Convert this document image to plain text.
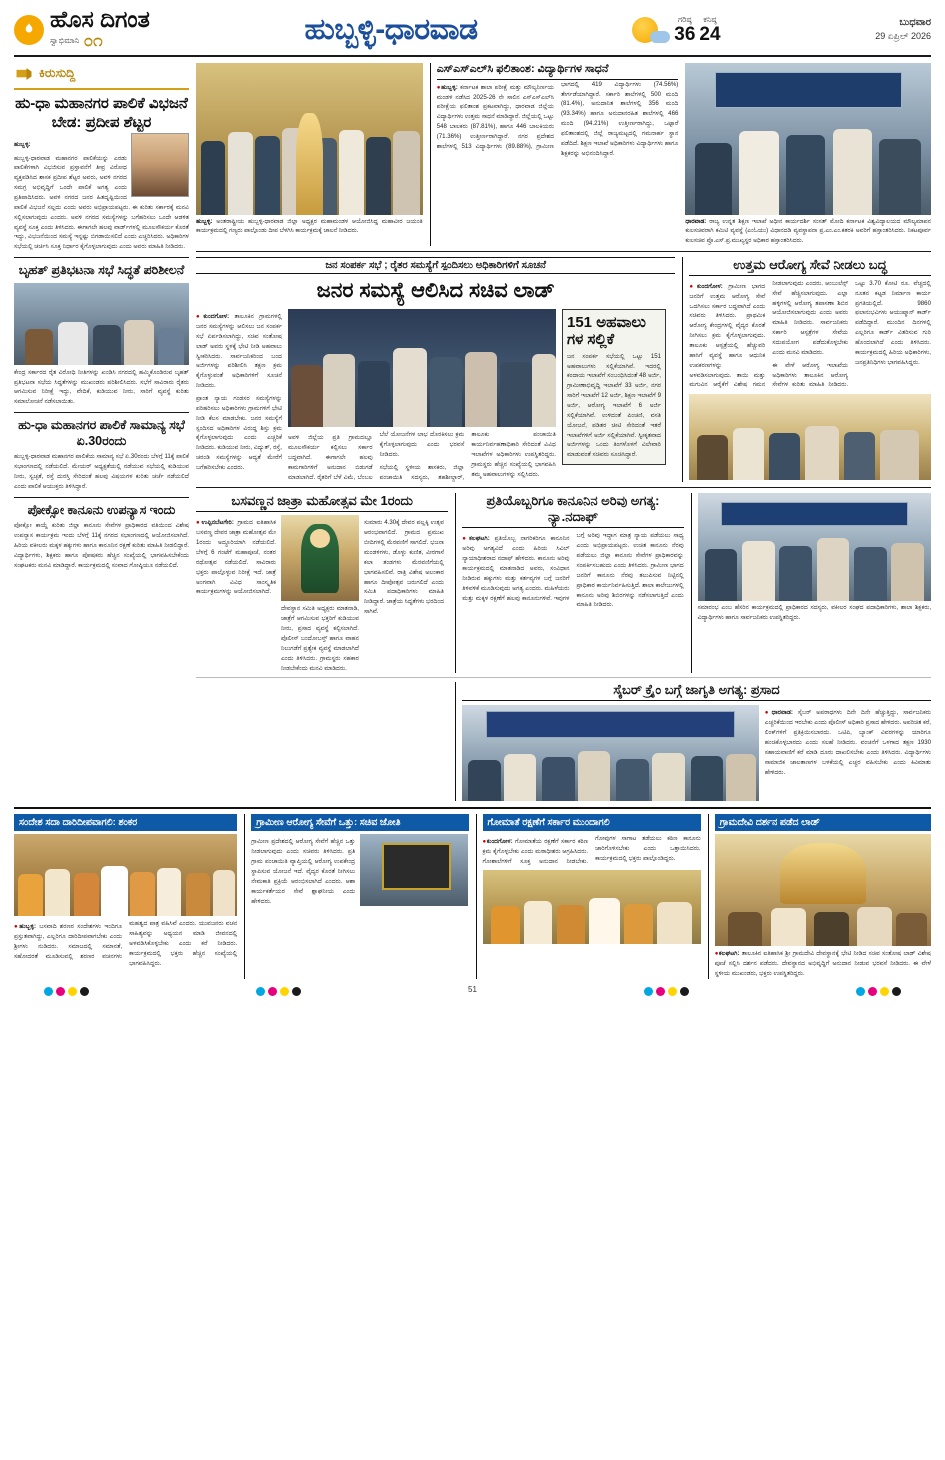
ಹೊಸ ದಿಗಂತ
ಸ್ವಾಭಿಮಾನಿ ೦೧	ಹುಬ್ಬಳ್ಳಿ-ಧಾರವಾಡ	ಗರಿಷ್ಠ
36
ಕನಿಷ್ಠ
24
ಬುಧವಾರ
29 ಏಪ್ರಿಲ್ 2026
ಕಿರುಸುದ್ದಿ
ಹು-ಧಾ ಮಹಾನಗರ ಪಾಲಿಕೆ ವಿಭಜನೆ ಬೇಡ: ಪ್ರದೀಪ ಶೆಟ್ಟರ

ಹುಬ್ಬಳ್ಳಿ:

ಹುಬ್ಬಳ್ಳಿ-ಧಾರವಾಡ ಮಹಾನಗರ ಪಾಲಿಕೆಯನ್ನು ಎರಡು ಪಾಲಿಕೆಗಳಾಗಿ ವಿಭಜಿಸುವ ಪ್ರಸ್ತಾವನೆಗೆ ತೀವ್ರ ವಿರೋಧ ವ್ಯಕ್ತಪಡಿಸಿದ ಶಾಸಕ ಪ್ರದೀಪ ಶೆಟ್ಟರ ಅವರು, ಅವಳಿ ನಗರದ ಸಮಗ್ರ ಅಭಿವೃದ್ಧಿಗೆ ಒಂದೇ ಪಾಲಿಕೆ ಅಗತ್ಯ ಎಂದು ಪ್ರತಿಪಾದಿಸಿದರು. ಅವಳಿ ನಗರದ ಜನರ ಹಿತದೃಷ್ಟಿಯಿಂದ ಪಾಲಿಕೆ ವಿಭಜನೆ ಸಲ್ಲದು ಎಂದು ಅವರು ಅಭಿಪ್ರಾಯಪಟ್ಟರು. ಈ ಕುರಿತು ಸರ್ಕಾರಕ್ಕೆ ಮನವಿ ಸಲ್ಲಿಸಲಾಗುವುದು ಎಂದರು. ಅವಳಿ ನಗರದ ಸಮಸ್ಯೆಗಳನ್ನು ಬಗೆಹರಿಸಲು ಒಂದೇ ಆಡಳಿತ ವ್ಯವಸ್ಥೆ ಸೂಕ್ತ ಎಂದು ತಿಳಿಸಿದರು. ಈಗಾಗಲೇ ಹಲವು ವಾರ್ಡ್‌ಗಳಲ್ಲಿ ಮೂಲಸೌಕರ್ಯ ಕೊರತೆ ಇದ್ದು, ವಿಭಜನೆಯಿಂದ ಸಮಸ್ಯೆ ಇನ್ನಷ್ಟು ಬಿಗಡಾಯಿಸಲಿದೆ ಎಂದು ಎಚ್ಚರಿಸಿದರು. ಅಧಿಕಾರಿಗಳ ಸಭೆಯಲ್ಲಿ ಚರ್ಚಿಸಿ ಸೂಕ್ತ ನಿರ್ಧಾರ ಕೈಗೊಳ್ಳಲಾಗುವುದು ಎಂದು ಅವರು ಮಾಹಿತಿ ನೀಡಿದರು.

ಬೃಹತ್ ಪ್ರತಿಭಟನಾ ಸಭೆ ಸಿದ್ಧತೆ ಪರಿಶೀಲನೆ

ಕೇಂದ್ರ ಸರ್ಕಾರದ ರೈತ ವಿರೋಧಿ ನೀತಿಗಳನ್ನು ಖಂಡಿಸಿ ನಗರದಲ್ಲಿ ಹಮ್ಮಿಕೊಂಡಿರುವ ಬೃಹತ್ ಪ್ರತಿಭಟನಾ ಸಭೆಯ ಸಿದ್ಧತೆಗಳನ್ನು ಮುಖಂಡರು ಪರಿಶೀಲಿಸಿದರು. ಸಭೆಗೆ ಸಾವಿರಾರು ರೈತರು ಆಗಮಿಸುವ ನಿರೀಕ್ಷೆ ಇದ್ದು, ವೇದಿಕೆ, ಕುಡಿಯುವ ನೀರು, ಸಾರಿಗೆ ವ್ಯವಸ್ಥೆ ಕುರಿತು ಸಮಾಲೋಚನೆ ನಡೆಸಲಾಯಿತು.

ಹು-ಧಾ ಮಹಾನಗರ ಪಾಲಿಕೆ ಸಾಮಾನ್ಯ ಸಭೆ ಏ.30ರಂದು

ಹುಬ್ಬಳ್ಳಿ-ಧಾರವಾಡ ಮಹಾನಗರ ಪಾಲಿಕೆಯ ಸಾಮಾನ್ಯ ಸಭೆ ಏ.30ರಂದು ಬೆಳಗ್ಗೆ 11ಕ್ಕೆ ಪಾಲಿಕೆ ಸಭಾಂಗಣದಲ್ಲಿ ನಡೆಯಲಿದೆ. ಮೇಯರ್ ಅಧ್ಯಕ್ಷತೆಯಲ್ಲಿ ನಡೆಯುವ ಸಭೆಯಲ್ಲಿ ಕುಡಿಯುವ ನೀರು, ಸ್ವಚ್ಛತೆ, ರಸ್ತೆ ದುರಸ್ತಿ ಸೇರಿದಂತೆ ಹಲವು ವಿಷಯಗಳ ಕುರಿತು ಚರ್ಚೆ ನಡೆಯಲಿದೆ ಎಂದು ಪಾಲಿಕೆ ಆಯುಕ್ತರು ತಿಳಿಸಿದ್ದಾರೆ.

ಪೋಕ್ಸೋ ಕಾನೂನು ಉಪನ್ಯಾಸ ಇಂದು

ಪೋಕ್ಸೋ ಕಾಯ್ದೆ ಕುರಿತು ಜಿಲ್ಲಾ ಕಾನೂನು ಸೇವೆಗಳ ಪ್ರಾಧಿಕಾರದ ವತಿಯಿಂದ ವಿಶೇಷ ಉಪನ್ಯಾಸ ಕಾರ್ಯಕ್ರಮ ಇಂದು ಬೆಳಗ್ಗೆ 11ಕ್ಕೆ ನಗರದ ಸಭಾಂಗಣದಲ್ಲಿ ಆಯೋಜಿಸಲಾಗಿದೆ. ಹಿರಿಯ ವಕೀಲರು ಮಕ್ಕಳ ಹಕ್ಕುಗಳು ಹಾಗೂ ಕಾನೂನಿನ ರಕ್ಷಣೆ ಕುರಿತು ಮಾಹಿತಿ ನೀಡಲಿದ್ದಾರೆ. ವಿದ್ಯಾರ್ಥಿಗಳು, ಶಿಕ್ಷಕರು ಹಾಗೂ ಪೋಷಕರು ಹೆಚ್ಚಿನ ಸಂಖ್ಯೆಯಲ್ಲಿ ಭಾಗವಹಿಸಬೇಕೆಂದು ಸಂಘಟಕರು ಮನವಿ ಮಾಡಿದ್ದಾರೆ. ಕಾರ್ಯಕ್ರಮದಲ್ಲಿ ಸಂವಾದ ಗೋಷ್ಠಿಯೂ ನಡೆಯಲಿದೆ.

ಹುಬ್ಬಳ್ಳಿ: ಅಂತರಾಷ್ಟ್ರೀಯ ಹುಬ್ಬಳ್ಳಿ-ಧಾರವಾಡ ಜಿಲ್ಲಾ ಅಧ್ಯಕ್ಷರ ಮಹಾಮಂಡಳ ಆಯೋಜಿಸಿದ್ದ ಮಹಾವೀರ ಜಯಂತಿ ಕಾರ್ಯಕ್ರಮದಲ್ಲಿ ಗಣ್ಯರು ಪಾಲ್ಗೊಂಡು ದೀಪ ಬೆಳಗಿಸಿ ಕಾರ್ಯಕ್ರಮಕ್ಕೆ ಚಾಲನೆ ನೀಡಿದರು.

ಎಸ್‌ಎಸ್‌ಎಲ್‌ಸಿ ಫಲಿತಾಂಶ: ವಿದ್ಯಾರ್ಥಿಗಳ ಸಾಧನೆ

●ಹುಬ್ಬಳ್ಳಿ: ಕರ್ನಾಟಕ ಶಾಲಾ ಪರೀಕ್ಷೆ ಮತ್ತು ಮೌಲ್ಯನಿರ್ಣಯ ಮಂಡಳಿ ನಡೆಸಿದ 2025-26 ನೇ ಸಾಲಿನ ಎಸ್‌ಎಸ್‌ಎಲ್‌ಸಿ ಪರೀಕ್ಷೆಯ ಫಲಿತಾಂಶ ಪ್ರಕಟವಾಗಿದ್ದು, ಧಾರವಾಡ ಜಿಲ್ಲೆಯ ವಿದ್ಯಾರ್ಥಿಗಳು ಉತ್ತಮ ಸಾಧನೆ ಮಾಡಿದ್ದಾರೆ. ಜಿಲ್ಲೆಯಲ್ಲಿ ಒಟ್ಟು 548 ಬಾಲಕರು (87.81%), ಹಾಗೂ 446 ಬಾಲಕಿಯರು (71.36%) ಉತ್ತೀರ್ಣರಾಗಿದ್ದಾರೆ. ನಗರ ಪ್ರದೇಶದ ಶಾಲೆಗಳಲ್ಲಿ 513 ವಿದ್ಯಾರ್ಥಿಗಳು (89.88%), ಗ್ರಾಮೀಣ ಭಾಗದಲ್ಲಿ 419 ವಿದ್ಯಾರ್ಥಿಗಳು (74.56%) ತೇರ್ಗಡೆಯಾಗಿದ್ದಾರೆ. ಸರ್ಕಾರಿ ಶಾಲೆಗಳಲ್ಲಿ 500 ಮಂದಿ (81.4%), ಅನುದಾನಿತ ಶಾಲೆಗಳಲ್ಲಿ 356 ಮಂದಿ (93.34%) ಹಾಗೂ ಅನುದಾನರಹಿತ ಶಾಲೆಗಳಲ್ಲಿ 466 ಮಂದಿ (94.21%) ಉತ್ತೀರ್ಣರಾಗಿದ್ದು, ಒಟ್ಟಾರೆ ಫಲಿತಾಂಶದಲ್ಲಿ ಜಿಲ್ಲೆ ರಾಜ್ಯಮಟ್ಟದಲ್ಲಿ ಗಮನಾರ್ಹ ಸ್ಥಾನ ಪಡೆದಿದೆ. ಶಿಕ್ಷಣ ಇಲಾಖೆ ಅಧಿಕಾರಿಗಳು ವಿದ್ಯಾರ್ಥಿಗಳು ಹಾಗೂ ಶಿಕ್ಷಕರನ್ನು ಅಭಿನಂದಿಸಿದ್ದಾರೆ.

ಧಾರವಾಡ: ರಾಜ್ಯ ಉನ್ನತ ಶಿಕ್ಷಣ ಇಲಾಖೆ ಅಧೀನ ಕಾರ್ಯದರ್ಶಿ ಸಂಸತ್ ಮೋದಿ ಕರ್ನಾಟಕ ವಿಶ್ವವಿದ್ಯಾಲಯದ ಮೌಲ್ಯಮಾಪನ ಕುಲಸಚಿವರಾಗಿ ಕಮಿಟಿ ವ್ಯವಸ್ಥೆ (ಎಂಓಯು) ವಿಧಾನದಡಿ ವ್ಯವಸ್ಥಾಪನಾ ಪ್ರ.ಎಂ.ಎಂ.ಕತರಕಿ ಅವರಿಗೆ ಹಸ್ತಾಂತರಿಸಿದರು. ನಿಕಟಪೂರ್ವ ಕುಲಸಚಿವ ಪ್ರೊ.ಎಸ್.ಪ್ರ.ಮುಖ್ಯಸ್ಥರ ಅಧಿಕಾರ ಹಸ್ತಾಂತರಿಸಿದರು.

ಜನ ಸಂಪರ್ಕ ಸಭೆ ; ರೈತರ ಸಮಸ್ಯೆಗೆ ಸ್ಪಂದಿಸಲು ಅಧಿಕಾರಿಗಳಿಗೆ ಸೂಚನೆ
ಜನರ ಸಮಸ್ಯೆ ಆಲಿಸಿದ ಸಚಿವ ಲಾಡ್

●ಕುಂದಗೋಳ: ತಾಲೂಕಿನ ಗ್ರಾಮಗಳಲ್ಲಿ ಜನರ ಸಮಸ್ಯೆಗಳನ್ನು ಆಲಿಸಲು ಜನ ಸಂಪರ್ಕ ಸಭೆ ಏರ್ಪಡಿಸಲಾಗಿದ್ದು, ಸಚಿವ ಸಂತೋಷ ಲಾಡ್ ಅವರು ಸ್ಥಳಕ್ಕೆ ಭೇಟಿ ನೀಡಿ ಅಹವಾಲು ಸ್ವೀಕರಿಸಿದರು. ಸಾರ್ವಜನಿಕರಿಂದ ಬಂದ ಅರ್ಜಿಗಳನ್ನು ಪರಿಶೀಲಿಸಿ ತಕ್ಷಣ ಕ್ರಮ ಕೈಗೊಳ್ಳುವಂತೆ ಅಧಿಕಾರಿಗಳಿಗೆ ಸೂಚನೆ ನೀಡಿದರು.

ಪ್ರಾಂತ ನ್ಯಾಯ ಗಂಡಸರ ಸಮಸ್ಯೆಗಳನ್ನು ಪರಿಹರಿಸಲು ಅಧಿಕಾರಿಗಳು ಗ್ರಾಮಗಳಿಗೆ ಭೇಟಿ ನೀಡಿ ಕೆಲಸ ಮಾಡಬೇಕು. ಜನರ ಸಮಸ್ಯೆಗೆ ಸ್ಪಂದಿಸದ ಅಧಿಕಾರಿಗಳ ವಿರುದ್ಧ ಶಿಸ್ತು ಕ್ರಮ ಕೈಗೊಳ್ಳಲಾಗುವುದು ಎಂದು ಎಚ್ಚರಿಕೆ ನೀಡಿದರು. ಕುಡಿಯುವ ನೀರು, ವಿದ್ಯುತ್, ರಸ್ತೆ, ಚರಂಡಿ ಸಮಸ್ಯೆಗಳನ್ನು ಆದ್ಯತೆ ಮೇರೆಗೆ ಬಗೆಹರಿಸಬೇಕು ಎಂದರು.

ಅವಳಿ ಜಿಲ್ಲೆಯ ಪ್ರತಿ ಗ್ರಾಮದಲ್ಲೂ ಮೂಲಸೌಕರ್ಯ ಕಲ್ಪಿಸಲು ಸರ್ಕಾರ ಬದ್ಧವಾಗಿದೆ. ಈಗಾಗಲೇ ಹಲವು ಕಾಮಗಾರಿಗಳಿಗೆ ಅನುದಾನ ಬಿಡುಗಡೆ ಮಾಡಲಾಗಿದೆ. ರೈತರಿಗೆ ಬೆಳೆ ವಿಮೆ, ಬೆಂಬಲ ಬೆಲೆ ಯೋಜನೆಗಳ ಲಾಭ ದೊರಕಿಸಲು ಕ್ರಮ ಕೈಗೊಳ್ಳಲಾಗುವುದು ಎಂದು ಭರವಸೆ ನೀಡಿದರು.

ಸಭೆಯಲ್ಲಿ ಸ್ಥಳೀಯ ಶಾಸಕರು, ಜಿಲ್ಲಾ ಪಂಚಾಯಿತಿ ಸದಸ್ಯರು, ತಹಶೀಲ್ದಾರ್, ತಾಲೂಕು ಪಂಚಾಯಿತಿ ಕಾರ್ಯನಿರ್ವಹಣಾಧಿಕಾರಿ ಸೇರಿದಂತೆ ವಿವಿಧ ಇಲಾಖೆಗಳ ಅಧಿಕಾರಿಗಳು ಉಪಸ್ಥಿತರಿದ್ದರು. ಗ್ರಾಮಸ್ಥರು ಹೆಚ್ಚಿನ ಸಂಖ್ಯೆಯಲ್ಲಿ ಭಾಗವಹಿಸಿ ತಮ್ಮ ಅಹವಾಲುಗಳನ್ನು ಸಲ್ಲಿಸಿದರು.

151 ಅಹವಾಲು ಗಳ ಸಲ್ಲಿಕೆ

ಜನ ಸಂಪರ್ಕ ಸಭೆಯಲ್ಲಿ ಒಟ್ಟು 151 ಅಹವಾಲುಗಳು ಸಲ್ಲಿಕೆಯಾಗಿವೆ. ಇದರಲ್ಲಿ ಕಂದಾಯ ಇಲಾಖೆಗೆ ಸಂಬಂಧಿಸಿದಂತೆ 48 ಅರ್ಜಿ, ಗ್ರಾಮೀಣಾಭಿವೃದ್ಧಿ ಇಲಾಖೆಗೆ 33 ಅರ್ಜಿ, ನಗರ ಸಾರಿಗೆ ಇಲಾಖೆಗೆ 12 ಅರ್ಜಿ, ಶಿಕ್ಷಣ ಇಲಾಖೆಗೆ 9 ಅರ್ಜಿ, ಆರೋಗ್ಯ ಇಲಾಖೆಗೆ 6 ಅರ್ಜಿ ಸಲ್ಲಿಕೆಯಾಗಿವೆ. ಉಳಿದಂತೆ ಪಿಂಚಣಿ, ವಸತಿ ಯೋಜನೆ, ಪಡಿತರ ಚೀಟಿ ಸೇರಿದಂತೆ ಇತರೆ ಇಲಾಖೆಗಳಿಗೆ ಅರ್ಜಿ ಸಲ್ಲಿಕೆಯಾಗಿವೆ. ಸ್ವೀಕೃತವಾದ ಅರ್ಜಿಗಳನ್ನು ಒಂದು ತಿಂಗಳೊಳಗೆ ವಿಲೇವಾರಿ ಮಾಡುವಂತೆ ಸಚಿವರು ಸೂಚಿಸಿದ್ದಾರೆ.

ಉತ್ತಮ ಆರೋಗ್ಯ ಸೇವೆ ನೀಡಲು ಬದ್ಧ

●ಕುಂದಗೋಳ: ಗ್ರಾಮೀಣ ಭಾಗದ ಜನರಿಗೆ ಉತ್ತಮ ಆರೋಗ್ಯ ಸೇವೆ ಒದಗಿಸಲು ಸರ್ಕಾರ ಬದ್ಧವಾಗಿದೆ ಎಂದು ಸಚಿವರು ತಿಳಿಸಿದರು. ಪ್ರಾಥಮಿಕ ಆರೋಗ್ಯ ಕೇಂದ್ರಗಳಲ್ಲಿ ವೈದ್ಯರ ಕೊರತೆ ನೀಗಿಸಲು ಕ್ರಮ ಕೈಗೊಳ್ಳಲಾಗುವುದು. ತಾಲೂಕು ಆಸ್ಪತ್ರೆಯಲ್ಲಿ ಹೆಚ್ಚುವರಿ ಹಾಸಿಗೆ ವ್ಯವಸ್ಥೆ ಹಾಗೂ ಆಧುನಿಕ ಉಪಕರಣಗಳನ್ನು ಅಳವಡಿಸಲಾಗುವುದು. ತಾಯಿ ಮತ್ತು ಮಗುವಿನ ಆರೈಕೆಗೆ ವಿಶೇಷ ಗಮನ ನೀಡಲಾಗುವುದು ಎಂದರು. ಆಂಬುಲೆನ್ಸ್ ಸೇವೆ ಹೆಚ್ಚಿಸಲಾಗುವುದು. ಎಲ್ಲಾ ಹಳ್ಳಿಗಳಲ್ಲಿ ಆರೋಗ್ಯ ತಪಾಸಣಾ ಶಿಬಿರ ಆಯೋಜಿಸಲಾಗುವುದು ಎಂದು ಅವರು ಮಾಹಿತಿ ನೀಡಿದರು. ಸಾರ್ವಜನಿಕರು ಸರ್ಕಾರಿ ಆಸ್ಪತ್ರೆಗಳ ಸೇವೆಯ ಸದುಪಯೋಗ ಪಡೆದುಕೊಳ್ಳಬೇಕು ಎಂದು ಮನವಿ ಮಾಡಿದರು.

ಈ ವೇಳೆ ಆರೋಗ್ಯ ಇಲಾಖೆಯ ಅಧಿಕಾರಿಗಳು ತಾಲೂಕಿನ ಆರೋಗ್ಯ ಸೇವೆಗಳ ಕುರಿತು ಮಾಹಿತಿ ನೀಡಿದರು. ಒಟ್ಟು 3.70 ಕೋಟಿ ರೂ. ವೆಚ್ಚದಲ್ಲಿ ನೂತನ ಕಟ್ಟಡ ನಿರ್ಮಾಣ ಕಾರ್ಯ ಪ್ರಗತಿಯಲ್ಲಿದೆ. 9860 ಫಲಾನುಭವಿಗಳು ಆಯುಷ್ಮಾನ್ ಕಾರ್ಡ್ ಪಡೆದಿದ್ದಾರೆ. ಮುಂದಿನ ದಿನಗಳಲ್ಲಿ ಎಲ್ಲರಿಗೂ ಕಾರ್ಡ್ ವಿತರಿಸುವ ಗುರಿ ಹೊಂದಲಾಗಿದೆ ಎಂದು ತಿಳಿಸಿದರು. ಕಾರ್ಯಕ್ರಮದಲ್ಲಿ ಹಿರಿಯ ಅಧಿಕಾರಿಗಳು, ಜನಪ್ರತಿನಿಧಿಗಳು ಭಾಗವಹಿಸಿದ್ದರು.

ಬಸವಣ್ಣನ ಜಾತ್ರಾ ಮಹೋತ್ಸವ ಮೇ 1ರಂದು

●ಉಪ್ಪಿನಬೆಟಗೇರಿ: ಗ್ರಾಮದ ಐತಿಹಾಸಿಕ ಬಸವಣ್ಣ ದೇವರ ಜಾತ್ರಾ ಮಹೋತ್ಸವ ಮೇ 1ರಂದು ಅದ್ಧೂರಿಯಾಗಿ ನಡೆಯಲಿದೆ. ಬೆಳಗ್ಗೆ 6 ಗಂಟೆಗೆ ಮಹಾಪೂಜೆ, ನಂತರ ರಥೋತ್ಸವ ನಡೆಯಲಿದೆ. ಸಾವಿರಾರು ಭಕ್ತರು ಪಾಲ್ಗೊಳ್ಳುವ ನಿರೀಕ್ಷೆ ಇದೆ. ಜಾತ್ರೆ ಅಂಗವಾಗಿ ವಿವಿಧ ಸಾಂಸ್ಕೃತಿಕ ಕಾರ್ಯಕ್ರಮಗಳನ್ನು ಆಯೋಜಿಸಲಾಗಿದೆ.

ದೇವಸ್ಥಾನ ಸಮಿತಿ ಅಧ್ಯಕ್ಷರು ಮಾತನಾಡಿ, ಜಾತ್ರೆಗೆ ಆಗಮಿಸುವ ಭಕ್ತರಿಗೆ ಕುಡಿಯುವ ನೀರು, ಪ್ರಸಾದ ವ್ಯವಸ್ಥೆ ಕಲ್ಪಿಸಲಾಗಿದೆ. ಪೊಲೀಸ್ ಬಂದೋಬಸ್ತ್ ಹಾಗೂ ವಾಹನ ನಿಲುಗಡೆಗೆ ಪ್ರತ್ಯೇಕ ವ್ಯವಸ್ಥೆ ಮಾಡಲಾಗಿದೆ ಎಂದು ತಿಳಿಸಿದರು. ಗ್ರಾಮಸ್ಥರು ಸಹಕಾರ ನೀಡಬೇಕೆಂದು ಮನವಿ ಮಾಡಿದರು.

ಸುಮಾರು 4.30ಕ್ಕೆ ದೇವರ ಪಲ್ಲಕ್ಕಿ ಉತ್ಸವ ಆರಂಭವಾಗಲಿದೆ. ಗ್ರಾಮದ ಪ್ರಮುಖ ಬೀದಿಗಳಲ್ಲಿ ಮೆರವಣಿಗೆ ಸಾಗಲಿದೆ. ಭಜನಾ ಮಂಡಳಿಗಳು, ಡೊಳ್ಳು ಕುಣಿತ, ವೀರಗಾಸೆ ಕಲಾ ತಂಡಗಳು ಮೆರವಣಿಗೆಯಲ್ಲಿ ಭಾಗವಹಿಸಲಿವೆ. ರಾತ್ರಿ ವಿಶೇಷ ಅಲಂಕಾರ ಹಾಗೂ ದೀಪೋತ್ಸವ ಜರುಗಲಿದೆ ಎಂದು ಸಮಿತಿ ಪದಾಧಿಕಾರಿಗಳು ಮಾಹಿತಿ ನೀಡಿದ್ದಾರೆ. ಜಾತ್ರೆಯ ಸಿದ್ಧತೆಗಳು ಭರದಿಂದ ಸಾಗಿವೆ.

ಪ್ರತಿಯೊಬ್ಬರಿಗೂ ಕಾನೂನಿನ ಅರಿವು ಅಗತ್ಯ: ನ್ಯಾ.ನದಾಫ್

●ಕಲಘಟಗಿ: ಪ್ರತಿಯೊಬ್ಬ ನಾಗರಿಕರಿಗೂ ಕಾನೂನಿನ ಅರಿವು ಅಗತ್ಯವಿದೆ ಎಂದು ಹಿರಿಯ ಸಿವಿಲ್ ನ್ಯಾಯಾಧೀಶರಾದ ನದಾಫ್ ಹೇಳಿದರು. ಕಾನೂನು ಅರಿವು ಕಾರ್ಯಕ್ರಮದಲ್ಲಿ ಮಾತನಾಡಿದ ಅವರು, ಸಂವಿಧಾನ ನೀಡಿರುವ ಹಕ್ಕುಗಳು ಮತ್ತು ಕರ್ತವ್ಯಗಳ ಬಗ್ಗೆ ಜನರಿಗೆ ತಿಳಿವಳಿಕೆ ಮೂಡಿಸುವುದು ಅಗತ್ಯ ಎಂದರು. ಮಹಿಳೆಯರು ಮತ್ತು ಮಕ್ಕಳ ರಕ್ಷಣೆಗೆ ಹಲವು ಕಾನೂನುಗಳಿವೆ. ಇವುಗಳ ಬಗ್ಗೆ ಅರಿವು ಇದ್ದಾಗ ಮಾತ್ರ ನ್ಯಾಯ ಪಡೆಯಲು ಸಾಧ್ಯ ಎಂದು ಅಭಿಪ್ರಾಯಪಟ್ಟರು. ಉಚಿತ ಕಾನೂನು ನೆರವು ಪಡೆಯಲು ಜಿಲ್ಲಾ ಕಾನೂನು ಸೇವೆಗಳ ಪ್ರಾಧಿಕಾರವನ್ನು ಸಂಪರ್ಕಿಸಬಹುದು ಎಂದು ತಿಳಿಸಿದರು. ಗ್ರಾಮೀಣ ಭಾಗದ ಜನರಿಗೆ ಕಾನೂನು ನೆರವು ತಲುಪಿಸುವ ನಿಟ್ಟಿನಲ್ಲಿ ಪ್ರಾಧಿಕಾರ ಕಾರ್ಯನಿರ್ವಹಿಸುತ್ತಿದೆ. ಶಾಲಾ ಕಾಲೇಜುಗಳಲ್ಲಿ ಕಾನೂನು ಅರಿವು ಶಿಬಿರಗಳನ್ನು ನಡೆಸಲಾಗುತ್ತಿದೆ ಎಂದು ಮಾಹಿತಿ ನೀಡಿದರು.	ಸಮಾರಂಭ ಎಂಬ ಹೆಸರಿನ ಕಾರ್ಯಕ್ರಮದಲ್ಲಿ ಪ್ರಾಧಿಕಾರದ ಸದಸ್ಯರು, ವಕೀಲರ ಸಂಘದ ಪದಾಧಿಕಾರಿಗಳು, ಶಾಲಾ ಶಿಕ್ಷಕರು, ವಿದ್ಯಾರ್ಥಿಗಳು ಹಾಗೂ ಸಾರ್ವಜನಿಕರು ಉಪಸ್ಥಿತರಿದ್ದರು.

ಸೈಬರ್ ಕ್ರೈಂ ಬಗ್ಗೆ ಜಾಗೃತಿ ಅಗತ್ಯ: ಪ್ರಸಾದ

●ಧಾರವಾಡ: ಸೈಬರ್ ಅಪರಾಧಗಳು ದಿನೇ ದಿನೇ ಹೆಚ್ಚುತ್ತಿದ್ದು, ಸಾರ್ವಜನಿಕರು ಎಚ್ಚರಿಕೆಯಿಂದ ಇರಬೇಕು ಎಂದು ಪೊಲೀಸ್ ಅಧಿಕಾರಿ ಪ್ರಸಾದ ಹೇಳಿದರು. ಅಪರಿಚಿತ ಕರೆ, ಲಿಂಕ್‌ಗಳಿಗೆ ಪ್ರತಿಕ್ರಿಯಿಸಬಾರದು. ಒಟಿಪಿ, ಬ್ಯಾಂಕ್ ವಿವರಗಳನ್ನು ಯಾರಿಗೂ ಹಂಚಿಕೊಳ್ಳಬಾರದು ಎಂದು ಸಲಹೆ ನೀಡಿದರು. ವಂಚನೆಗೆ ಒಳಗಾದ ತಕ್ಷಣ 1930 ಸಹಾಯವಾಣಿಗೆ ಕರೆ ಮಾಡಿ ದೂರು ದಾಖಲಿಸಬೇಕು ಎಂದು ತಿಳಿಸಿದರು. ವಿದ್ಯಾರ್ಥಿಗಳು ಸಾಮಾಜಿಕ ಜಾಲತಾಣಗಳ ಬಳಕೆಯಲ್ಲಿ ಎಚ್ಚರ ವಹಿಸಬೇಕು ಎಂದು ಕಿವಿಮಾತು ಹೇಳಿದರು.

ಸಂದೇಶ ಸದಾ ದಾರಿದೀಪವಾಗಲಿ: ಶಂಕರ

●ಹುಬ್ಬಳ್ಳಿ: ಬಸವಾದಿ ಶರಣರ ಸಂದೇಶಗಳು ಇಂದಿಗೂ ಪ್ರಸ್ತುತವಾಗಿದ್ದು, ಎಲ್ಲರಿಗೂ ದಾರಿದೀಪವಾಗಬೇಕು ಎಂದು ಶ್ರೀಗಳು ನುಡಿದರು. ಸಮಾಜದಲ್ಲಿ ಸಮಾನತೆ, ಸಹೋದರತೆ ಮೂಡಿಸುವಲ್ಲಿ ಶರಣರ ವಚನಗಳು ಮಹತ್ವದ ಪಾತ್ರ ವಹಿಸಿವೆ ಎಂದರು. ಯುವಜನರು ವಚನ ಸಾಹಿತ್ಯವನ್ನು ಅಧ್ಯಯನ ಮಾಡಿ ಜೀವನದಲ್ಲಿ ಅಳವಡಿಸಿಕೊಳ್ಳಬೇಕು ಎಂದು ಕರೆ ನೀಡಿದರು. ಕಾರ್ಯಕ್ರಮದಲ್ಲಿ ಭಕ್ತರು ಹೆಚ್ಚಿನ ಸಂಖ್ಯೆಯಲ್ಲಿ ಭಾಗವಹಿಸಿದ್ದರು.

ಗ್ರಾಮೀಣ ಆರೋಗ್ಯ ಸೇವೆಗೆ ಒತ್ತು: ಸಚಿವ ಜೋತಿ

ಗ್ರಾಮೀಣ ಪ್ರದೇಶದಲ್ಲಿ ಆರೋಗ್ಯ ಸೇವೆಗೆ ಹೆಚ್ಚಿನ ಒತ್ತು ನೀಡಲಾಗುವುದು ಎಂದು ಸಚಿವರು ತಿಳಿಸಿದರು. ಪ್ರತಿ ಗ್ರಾಮ ಪಂಚಾಯಿತಿ ವ್ಯಾಪ್ತಿಯಲ್ಲಿ ಆರೋಗ್ಯ ಉಪಕೇಂದ್ರ ಸ್ಥಾಪಿಸುವ ಯೋಜನೆ ಇದೆ. ವೈದ್ಯರ ಕೊರತೆ ನೀಗಿಸಲು ನೇಮಕಾತಿ ಪ್ರಕ್ರಿಯೆ ಆರಂಭಿಸಲಾಗಿದೆ ಎಂದರು. ಆಶಾ ಕಾರ್ಯಕರ್ತೆಯರ ಸೇವೆ ಶ್ಲಾಘನೀಯ ಎಂದು ಹೇಳಿದರು.

ಗೋಮಾತೆ ರಕ್ಷಣೆಗೆ ಸರ್ಕಾರ ಮುಂದಾಗಲಿ

●ಕುಂದಗೋಳ: ಗೋಮಾತೆಯ ರಕ್ಷಣೆಗೆ ಸರ್ಕಾರ ಕಠಿಣ ಕ್ರಮ ಕೈಗೊಳ್ಳಬೇಕು ಎಂದು ಮಠಾಧೀಶರು ಆಗ್ರಹಿಸಿದರು. ಗೋಶಾಲೆಗಳಿಗೆ ಸೂಕ್ತ ಅನುದಾನ ನೀಡಬೇಕು. ಗೋವುಗಳ ಸಾಗಾಟ ತಡೆಯಲು ಕಠಿಣ ಕಾನೂನು ಜಾರಿಗೊಳಿಸಬೇಕು ಎಂದು ಒತ್ತಾಯಿಸಿದರು. ಕಾರ್ಯಕ್ರಮದಲ್ಲಿ ಭಕ್ತರು ಪಾಲ್ಗೊಂಡಿದ್ದರು.

ಗ್ರಾಮದೇವಿ ದರ್ಶನ ಪಡೆದ ಲಾಡ್

●ಕಲಘಟಗಿ: ತಾಲೂಕಿನ ಐತಿಹಾಸಿಕ ಶ್ರೀ ಗ್ರಾಮದೇವಿ ದೇವಸ್ಥಾನಕ್ಕೆ ಭೇಟಿ ನೀಡಿದ ಸಚಿವ ಸಂತೋಷ ಲಾಡ್ ವಿಶೇಷ ಪೂಜೆ ಸಲ್ಲಿಸಿ ದರ್ಶನ ಪಡೆದರು. ದೇವಸ್ಥಾನದ ಅಭಿವೃದ್ಧಿಗೆ ಅನುದಾನ ನೀಡುವ ಭರವಸೆ ನೀಡಿದರು. ಈ ವೇಳೆ ಸ್ಥಳೀಯ ಮುಖಂಡರು, ಭಕ್ತರು ಉಪಸ್ಥಿತರಿದ್ದರು.

51
